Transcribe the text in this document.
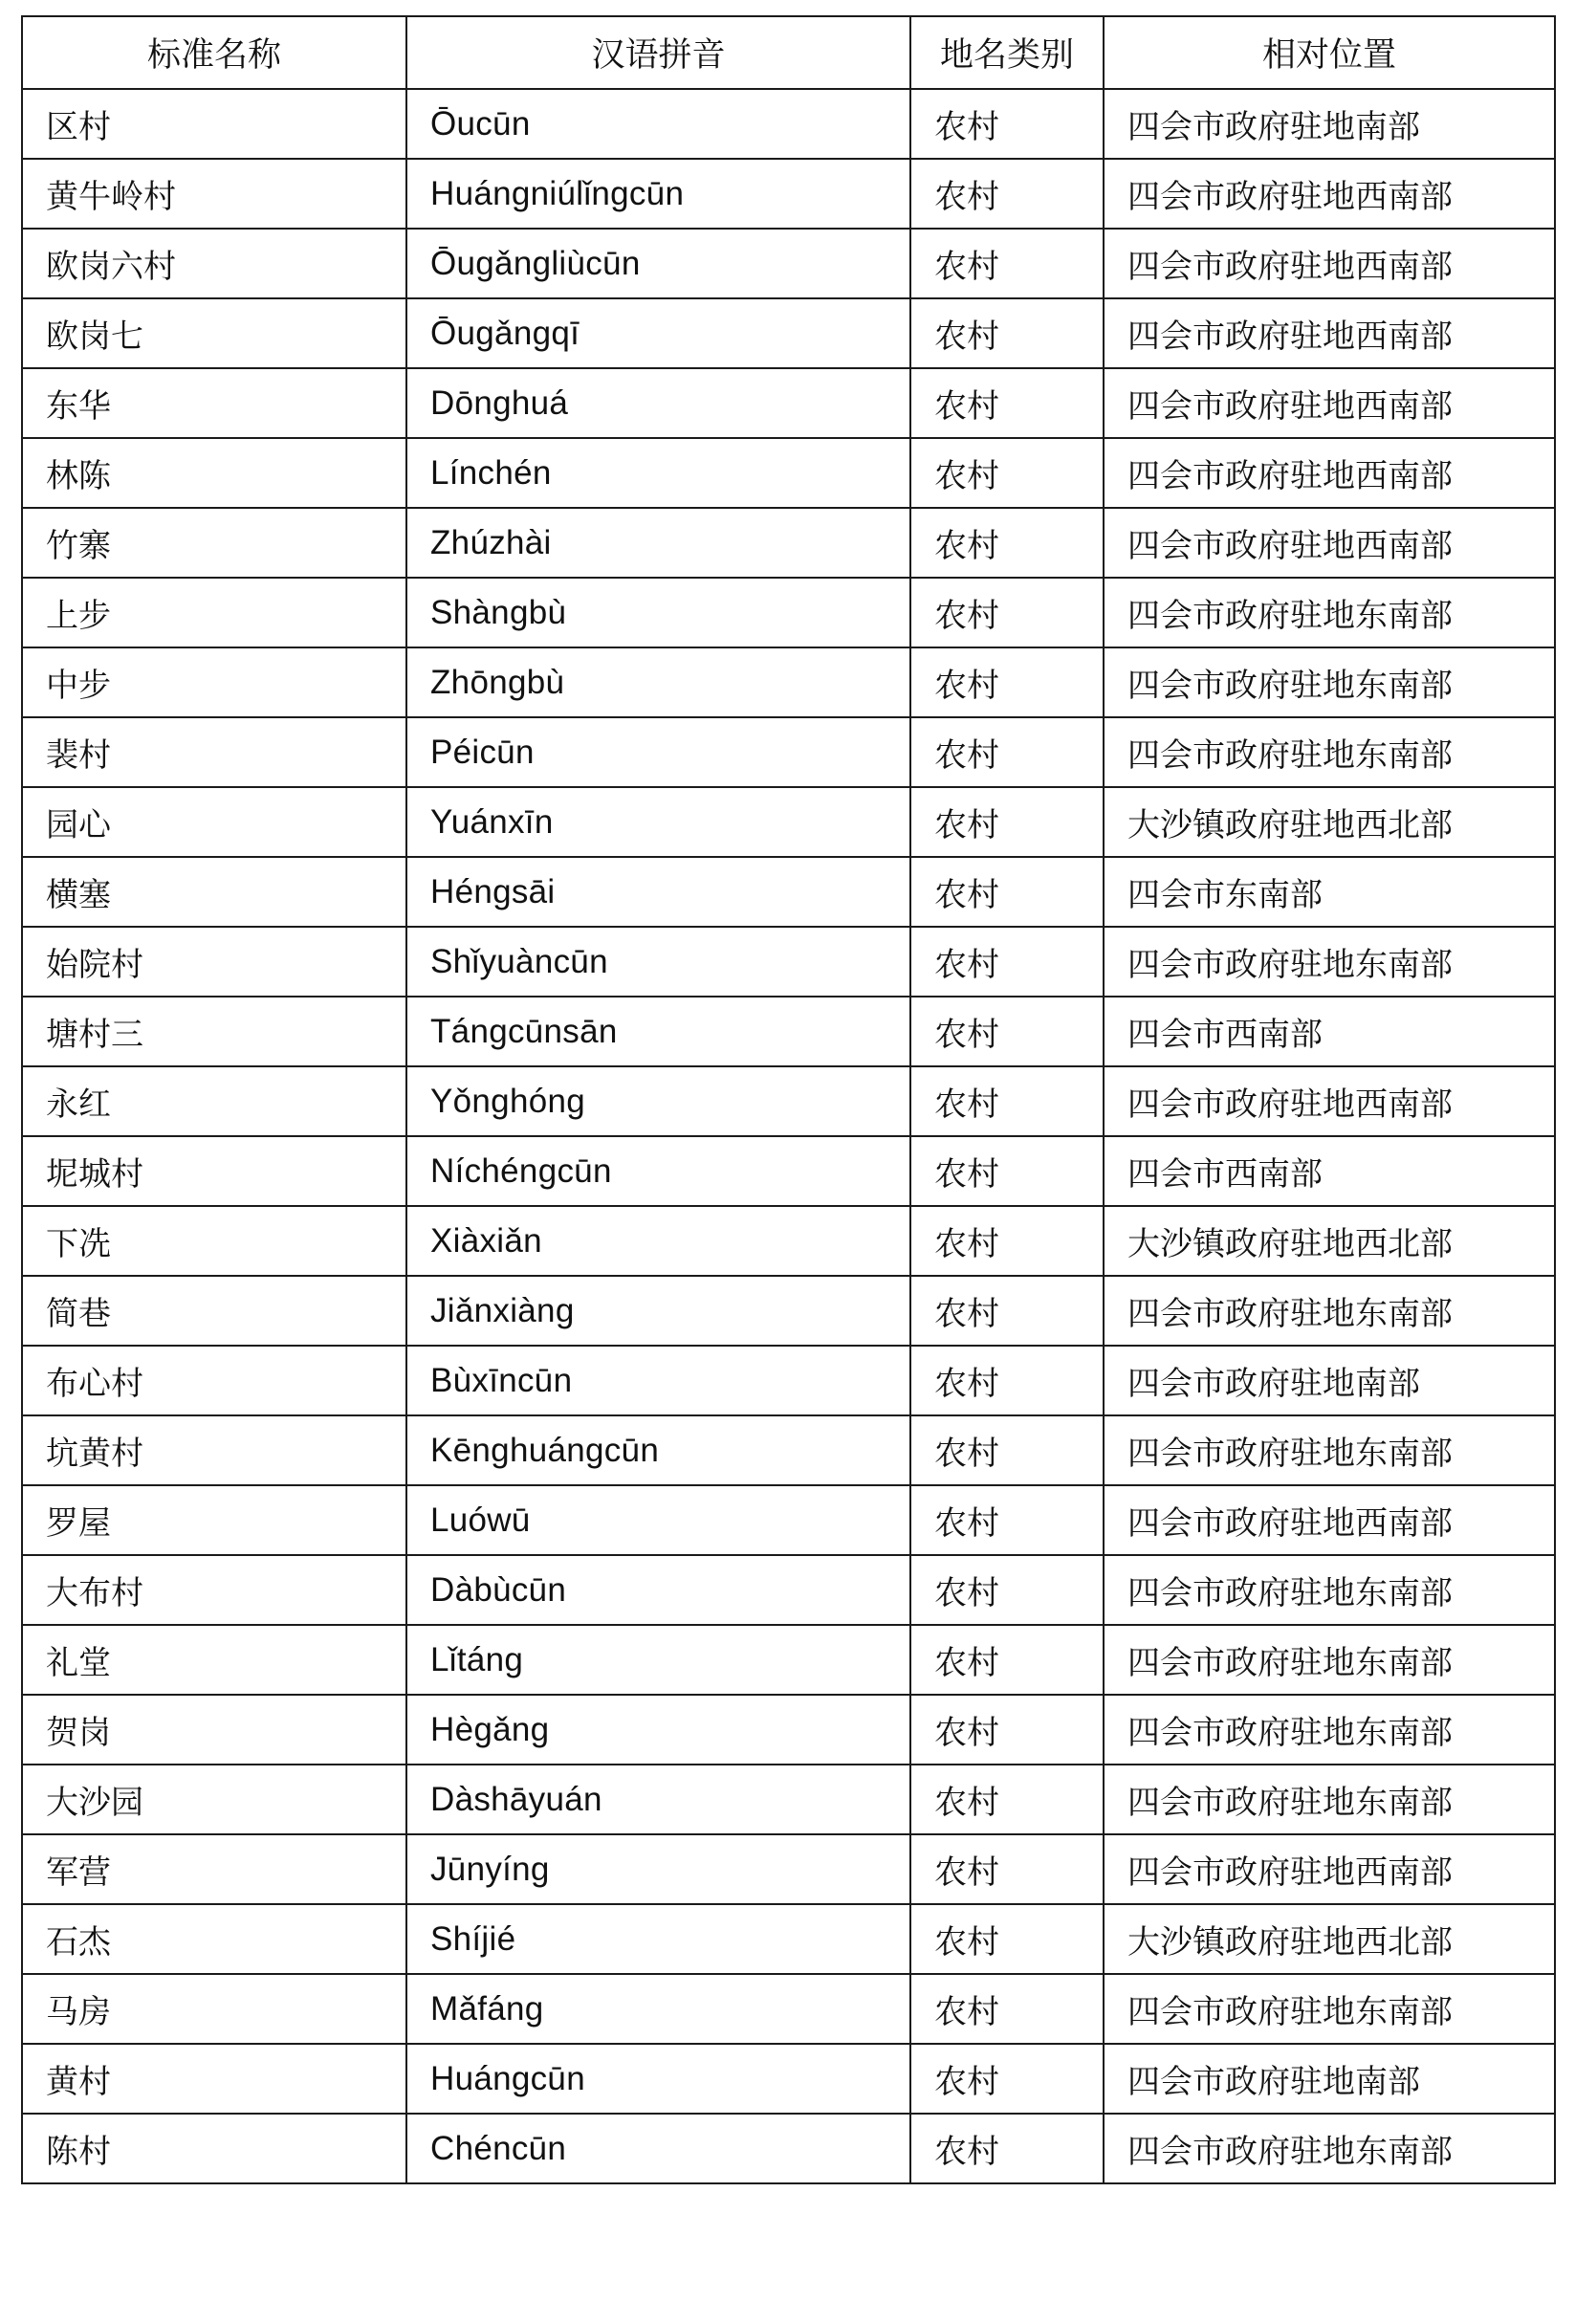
标准名称	汉语拼音	地名类别	相对位置
区村	Ōucūn	农村	四会市政府驻地南部
黄牛岭村	Huángniúlǐngcūn	农村	四会市政府驻地西南部
欧岗六村	Ōugǎngliùcūn	农村	四会市政府驻地西南部
欧岗七	Ōugǎngqī	农村	四会市政府驻地西南部
东华	Dōnghuá	农村	四会市政府驻地西南部
林陈	Línchén	农村	四会市政府驻地西南部
竹寨	Zhúzhài	农村	四会市政府驻地西南部
上步	Shàngbù	农村	四会市政府驻地东南部
中步	Zhōngbù	农村	四会市政府驻地东南部
裴村	Péicūn	农村	四会市政府驻地东南部
园心	Yuánxīn	农村	大沙镇政府驻地西北部
横塞	Héngsāi	农村	四会市东南部
始院村	Shǐyuàncūn	农村	四会市政府驻地东南部
塘村三	Tángcūnsān	农村	四会市西南部
永红	Yǒnghóng	农村	四会市政府驻地西南部
坭城村	Níchéngcūn	农村	四会市西南部
下冼	Xiàxiǎn	农村	大沙镇政府驻地西北部
简巷	Jiǎnxiàng	农村	四会市政府驻地东南部
布心村	Bùxīncūn	农村	四会市政府驻地南部
坑黄村	Kēnghuángcūn	农村	四会市政府驻地东南部
罗屋	Luówū	农村	四会市政府驻地西南部
大布村	Dàbùcūn	农村	四会市政府驻地东南部
礼堂	Lǐtáng	农村	四会市政府驻地东南部
贺岗	Hègǎng	农村	四会市政府驻地东南部
大沙园	Dàshāyuán	农村	四会市政府驻地东南部
军营	Jūnyíng	农村	四会市政府驻地西南部
石杰	Shíjié	农村	大沙镇政府驻地西北部
马房	Mǎfáng	农村	四会市政府驻地东南部
黄村	Huángcūn	农村	四会市政府驻地南部
陈村	Chéncūn	农村	四会市政府驻地东南部
